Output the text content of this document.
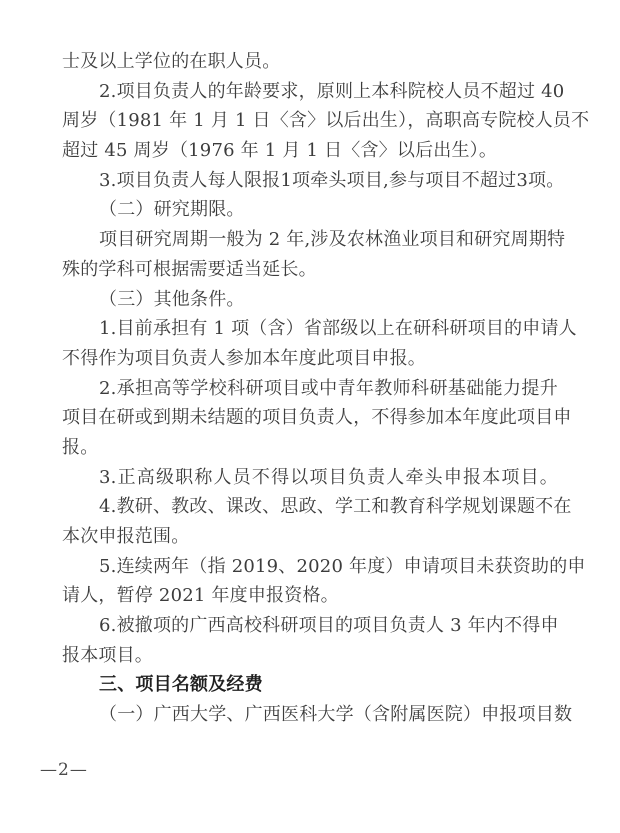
士及以上学位的在职人员。
2.项目负责人的年龄要求，原则上本科院校人员不超过 40
周岁（1981 年 1 月 1 日〈含〉以后出生），高职高专院校人员不
超过 45 周岁（1976 年 1 月 1 日〈含〉以后出生）。
3.项目负责人每人限报1项牵头项目,参与项目不超过3项。
（二）研究期限。
项目研究周期一般为 2 年,涉及农林渔业项目和研究周期特
殊的学科可根据需要适当延长。
（三）其他条件。
1.目前承担有 1 项（含）省部级以上在研科研项目的申请人
不得作为项目负责人参加本年度此项目申报。
2.承担高等学校科研项目或中青年教师科研基础能力提升
项目在研或到期未结题的项目负责人，不得参加本年度此项目申
报。
3.正高级职称人员不得以项目负责人牵头申报本项目。
4.教研、教改、课改、思政、学工和教育科学规划课题不在
本次申报范围。
5.连续两年（指 2019、2020 年度）申请项目未获资助的申
请人，暂停 2021 年度申报资格。
6.被撤项的广西高校科研项目的项目负责人 3 年内不得申
报本项目。
三、项目名额及经费
（一）广西大学、广西医科大学（含附属医院）申报项目数
—2—
